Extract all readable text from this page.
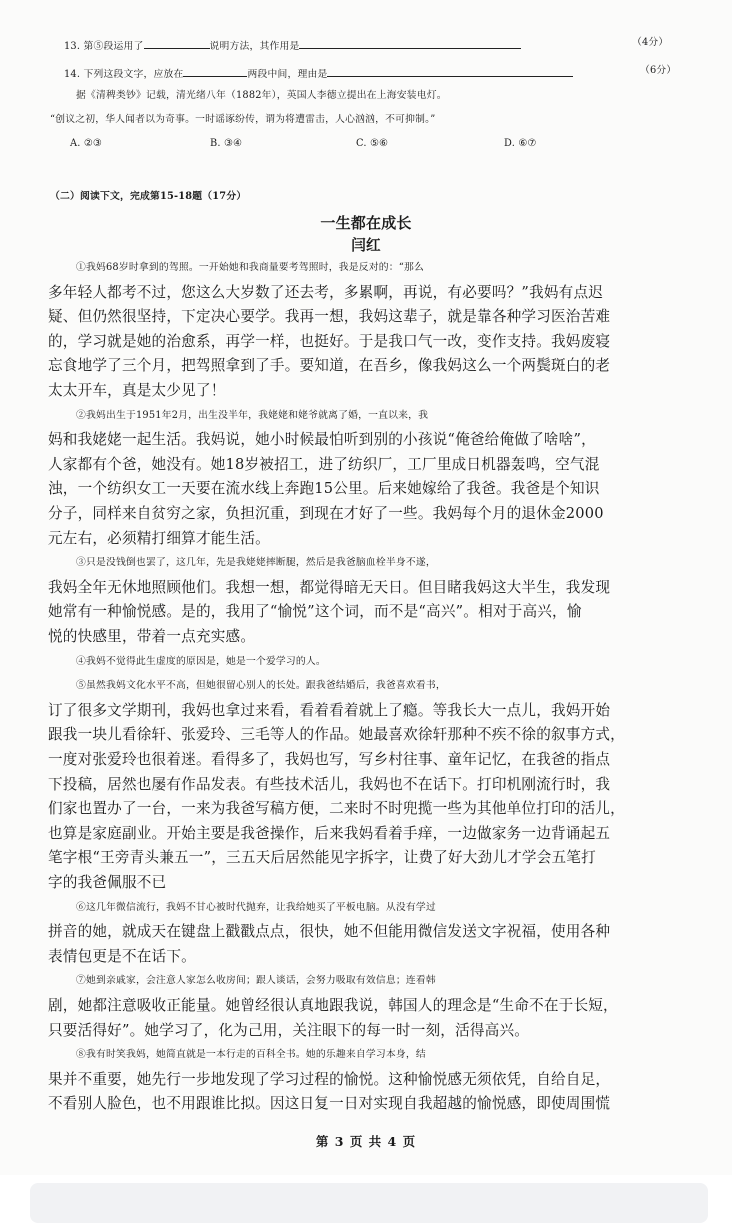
13. 第⑤段运用了	说明方法，其作用是	（4分）
14. 下列这段文字，应放在	两段中间，理由是	（6分）
据《清稗类钞》记载，清光绪八年（1882年），英国人李德立提出在上海安装电灯。
“创议之初，华人闻者以为奇事。一时谣诼纷传，谓为将遭雷击，人心汹汹，不可抑制。”
A. ②③	B. ③④	C. ⑤⑥	D. ⑥⑦
（二）阅读下文，完成第15-18题（17分）
一生都在成长
闫红
①我妈68岁时拿到的驾照。一开始她和我商量要考驾照时，我是反对的：“那么
多年轻人都考不过，您这么大岁数了还去考，多累啊，再说，有必要吗？”我妈有点迟
疑、但仍然很坚持，下定决心要学。我再一想，我妈这辈子，就是靠各种学习医治苦难
的，学习就是她的治愈系，再学一样，也挺好。于是我口气一改，变作支持。我妈废寝
忘食地学了三个月，把驾照拿到了手。要知道，在吾乡，像我妈这么一个两鬓斑白的老
太太开车，真是太少见了！
②我妈出生于1951年2月，出生没半年，我姥姥和姥爷就离了婚，一直以来，我
妈和我姥姥一起生活。我妈说，她小时候最怕听到别的小孩说“俺爸给俺做了啥啥”，
人家都有个爸，她没有。她18岁被招工，进了纺织厂，工厂里成日机器轰鸣，空气混
浊，一个纺织女工一天要在流水线上奔跑15公里。后来她嫁给了我爸。我爸是个知识
分子，同样来自贫穷之家，负担沉重，到现在才好了一些。我妈每个月的退休金2000
元左右，必须精打细算才能生活。
③只是没钱倒也罢了，这几年，先是我姥姥摔断腿，然后是我爸脑血栓半身不遂，
我妈全年无休地照顾他们。我想一想，都觉得暗无天日。但目睹我妈这大半生，我发现
她常有一种愉悦感。是的，我用了“愉悦”这个词，而不是“高兴”。相对于高兴，愉
悦的快感里，带着一点充实感。
④我妈不觉得此生虚度的原因是，她是一个爱学习的人。
⑤虽然我妈文化水平不高，但她很留心别人的长处。跟我爸结婚后，我爸喜欢看书，
订了很多文学期刊，我妈也拿过来看，看着看着就上了瘾。等我长大一点儿，我妈开始
跟我一块儿看徐轩、张爱玲、三毛等人的作品。她最喜欢徐轩那种不疾不徐的叙事方式，
一度对张爱玲也很着迷。看得多了，我妈也写，写乡村往事、童年记忆，在我爸的指点
下投稿，居然也屡有作品发表。有些技术活儿，我妈也不在话下。打印机刚流行时，我
们家也置办了一台，一来为我爸写稿方便，二来时不时兜揽一些为其他单位打印的活儿，
也算是家庭副业。开始主要是我爸操作，后来我妈看着手痒，一边做家务一边背诵起五
笔字根“王旁青头兼五一”，三五天后居然能见字拆字，让费了好大劲儿才学会五笔打
字的我爸佩服不已
⑥这几年微信流行，我妈不甘心被时代抛弃，让我给她买了平板电脑。从没有学过
拼音的她，就成天在键盘上戳戳点点，很快，她不但能用微信发送文字祝福，使用各种
表情包更是不在话下。
⑦她到亲戚家，会注意人家怎么收房间；跟人谈话，会努力吸取有效信息；连看韩
剧，她都注意吸收正能量。她曾经很认真地跟我说，韩国人的理念是“生命不在于长短，
只要活得好”。她学习了，化为己用，关注眼下的每一时一刻，活得高兴。
⑧我有时笑我妈，她简直就是一本行走的百科全书。她的乐趣来自学习本身，结
果并不重要，她先行一步地发现了学习过程的愉悦。这种愉悦感无须依凭，自给自足，
不看别人脸色，也不用跟谁比拟。因这日复一日对实现自我超越的愉悦感，即使周围慌
第 3 页 共 4 页
